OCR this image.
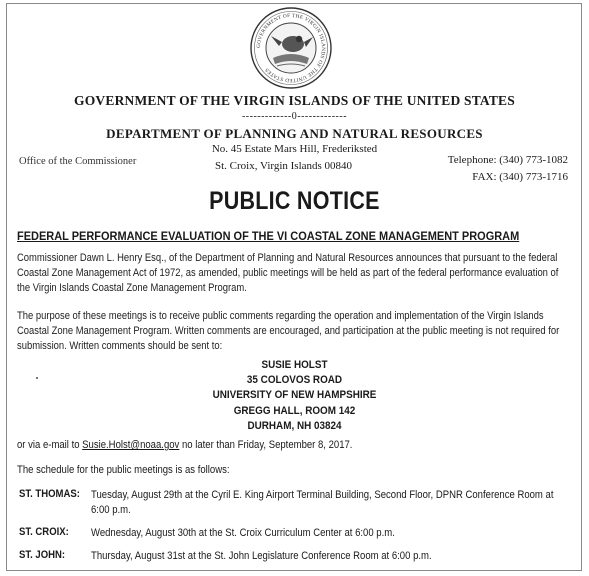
GOVERNMENT OF THE VIRGIN ISLANDS OF THE UNITED STATES
GOVERNMENT OF THE VIRGIN ISLANDS OF THE UNITED STATES
-------------0-------------
DEPARTMENT OF PLANNING AND NATURAL RESOURCES
No. 45 Estate Mars Hill, Frederiksted
St. Croix, Virgin Islands 00840
Office of the Commissioner	Telephone: (340) 773-1082
FAX: (340) 773-1716
PUBLIC NOTICE
FEDERAL PERFORMANCE EVALUATION OF THE VI COASTAL ZONE MANAGEMENT PROGRAM
Commissioner Dawn L. Henry Esq., of the Department of Planning and Natural Resources announces that pursuant to the federal Coastal Zone Management Act of 1972, as amended, public meetings will be held as part of the federal performance evaluation of the Virgin Islands Coastal Zone Management Program.
The purpose of these meetings is to receive public comments regarding the operation and implementation of the Virgin Islands Coastal Zone Management Program. Written comments are encouraged, and participation at the public meeting is not required for submission. Written comments should be sent to:
SUSIE HOLST
35 COLOVOS ROAD
UNIVERSITY OF NEW HAMPSHIRE
GREGG HALL, ROOM 142
DURHAM, NH 03824
or via e-mail to Susie.Holst@noaa.gov no later than Friday, September 8, 2017.
The schedule for the public meetings is as follows:
ST. THOMAS: Tuesday, August 29th at the Cyril E. King Airport Terminal Building, Second Floor, DPNR Conference Room at 6:00 p.m.
ST. CROIX: Wednesday, August 30th at the St. Croix Curriculum Center at 6:00 p.m.
ST. JOHN: Thursday, August 31st at the St. John Legislature Conference Room at 6:00 p.m.
